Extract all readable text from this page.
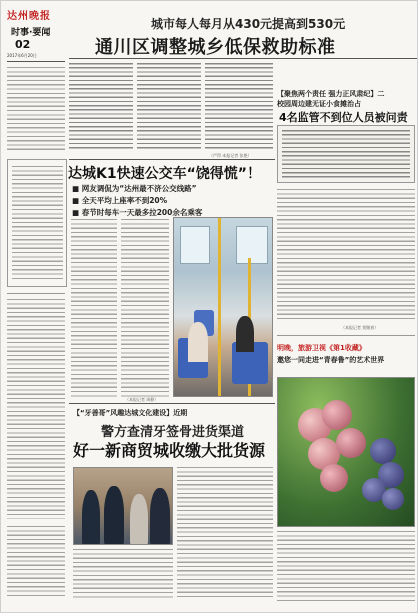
达州晚报
时事·要闻
02
2017年6月20日
城市每人每月从430元提高到530元
通川区调整城乡低保救助标准
（严得 本报记者 张艳）
达城K1快速公交车“饶得慌”！
■ 网友调侃为“达州最不济公交线路”
■ 全天平均上座率不到20%
■ 春节时每车一天最多拉200余名乘客
（本报记者 周静）
【聚焦两个责任 强力正风肃纪】二
校园周边建无证小食摊治占
4名监管不到位人员被问责
（本报记者 贾继春）
明晚，旅游卫视《第1收藏》
邀您一同走进“青春鲁”的艺术世界
【“牙善哥”风趣达城文化建设】近期
警方查清牙签骨进货渠道
好一新商贸城收缴大批货源
